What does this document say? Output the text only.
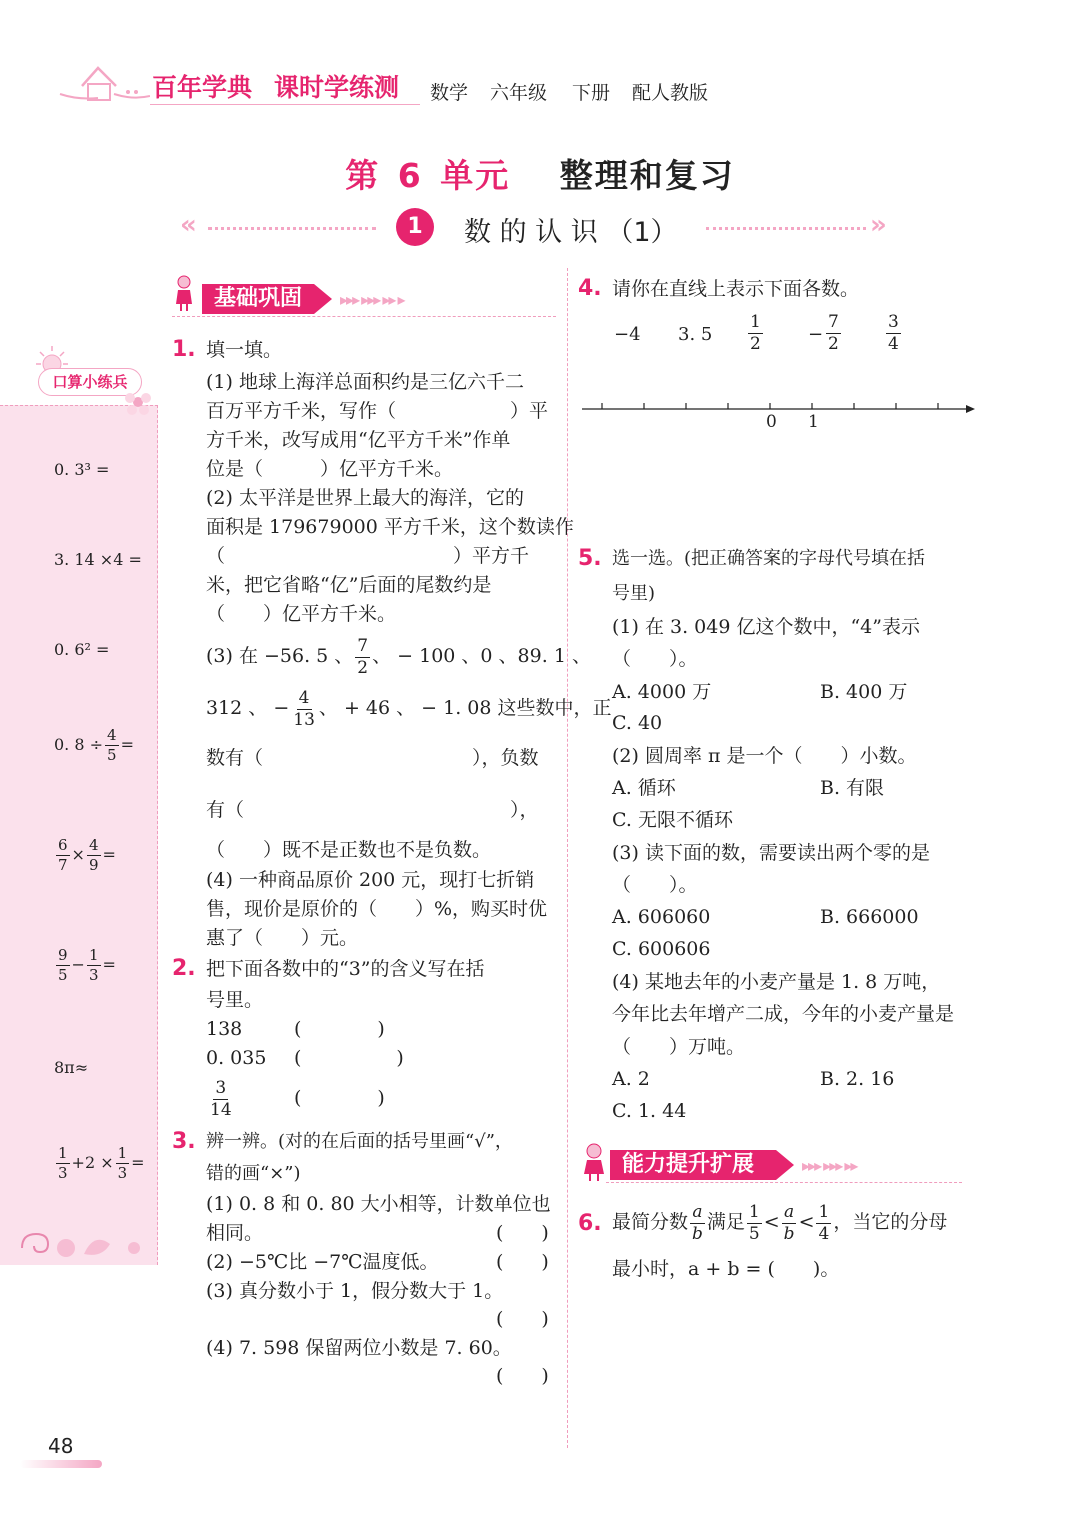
百年学典 课时学练测 数学 六年级 下册 配人教版
第 6 单元 整理和复习
«	1	数 的 认 识 （1）	»
口算小练兵
0. 3³ =
3. 14 ×4 =
0. 6² =
0. $8 \div \frac{4}{5}$ =
$\frac{6}{7} \times \frac{4}{9}$ =
$\frac{9}{5} - \frac{1}{3}$ =
8π≈
$\frac{1}{3} +2 \times \frac{1}{3}$ =
基础巩固	▸▸▸ ▸▸▸ ▸▸ ▸
1. 填一填。
(1) 地球上海洋总面积约是三亿六千二
百万平方千米，写作（　　　　　　）平
方千米，改写成用“亿平方千米”作单
位是（　　　）亿平方千米。
(2) 太平洋是世界上最大的海洋，它的
面积是 179679000 平方千米，这个数读作
（　　　　　　　　　　　　）平方千
米，把它省略“亿”后面的尾数约是
（　　）亿平方千米。
(3) 在 −56. 5 、 $\frac{7}{2}$ 、 − 100 、0 、89. 1 、
312 、 − $\frac{4}{13}$ 、 + 46 、 − 1. 08 这些数中，正
数有（　　　　　　　　　　　），负数
有（　　　　　　　　　　　　　　），
（　　）既不是正数也不是负数。
(4) 一种商品原价 200 元，现打七折销
售，现价是原价的（　　）%，购买时优
惠了（　　）元。
2. 把下面各数中的“3”的含义写在括
号里。
138	(　　　　)
0. 035 (　　　　　)
$\frac{3}{14}$	(　　　　)
3. 辨一辨。(对的在后面的括号里画“√”，
错的画“×”)
(1) 0. 8 和 0. 80 大小相等，计数单位也
相同。	(　　)
(2) −5℃比 −7℃温度低。	(　　)
(3) 真分数小于 1，假分数大于 1。
(　　)
(4) 7. 598 保留两位小数是 7. 60。
(　　)
4. 请你在直线上表示下面各数。
−4 3. $5 \frac{1}{2}$	− $\frac{7}{2}$	$\frac{3}{4}$
0 1
5. 选一选。(把正确答案的字母代号填在括
号里)
(1) 在 3. 049 亿这个数中，“4”表示
（　　）。
A. 4000 万	B. 400 万
C. 40
(2) 圆周率 π 是一个（　　）小数。
A. 循环	B. 有限
C. 无限不循环
(3) 读下面的数，需要读出两个零的是
（　　）。
A. 606060	B. 666000
C. 600606
(4) 某地去年的小麦产量是 1. 8 万吨，
今年比去年增产二成，今年的小麦产量是
（　　）万吨。
A. 2	B. 2. 16
C. 1. 44
能力提升扩展	▸▸▸ ▸▸▸ ▸▸
6. 最简分数 $\frac{a}{b}$ 满足 $\frac{1}{5} < \frac{a}{b} < \frac{1}{4}$ ，当它的分母
最小时，a + b = (　　)。
48
